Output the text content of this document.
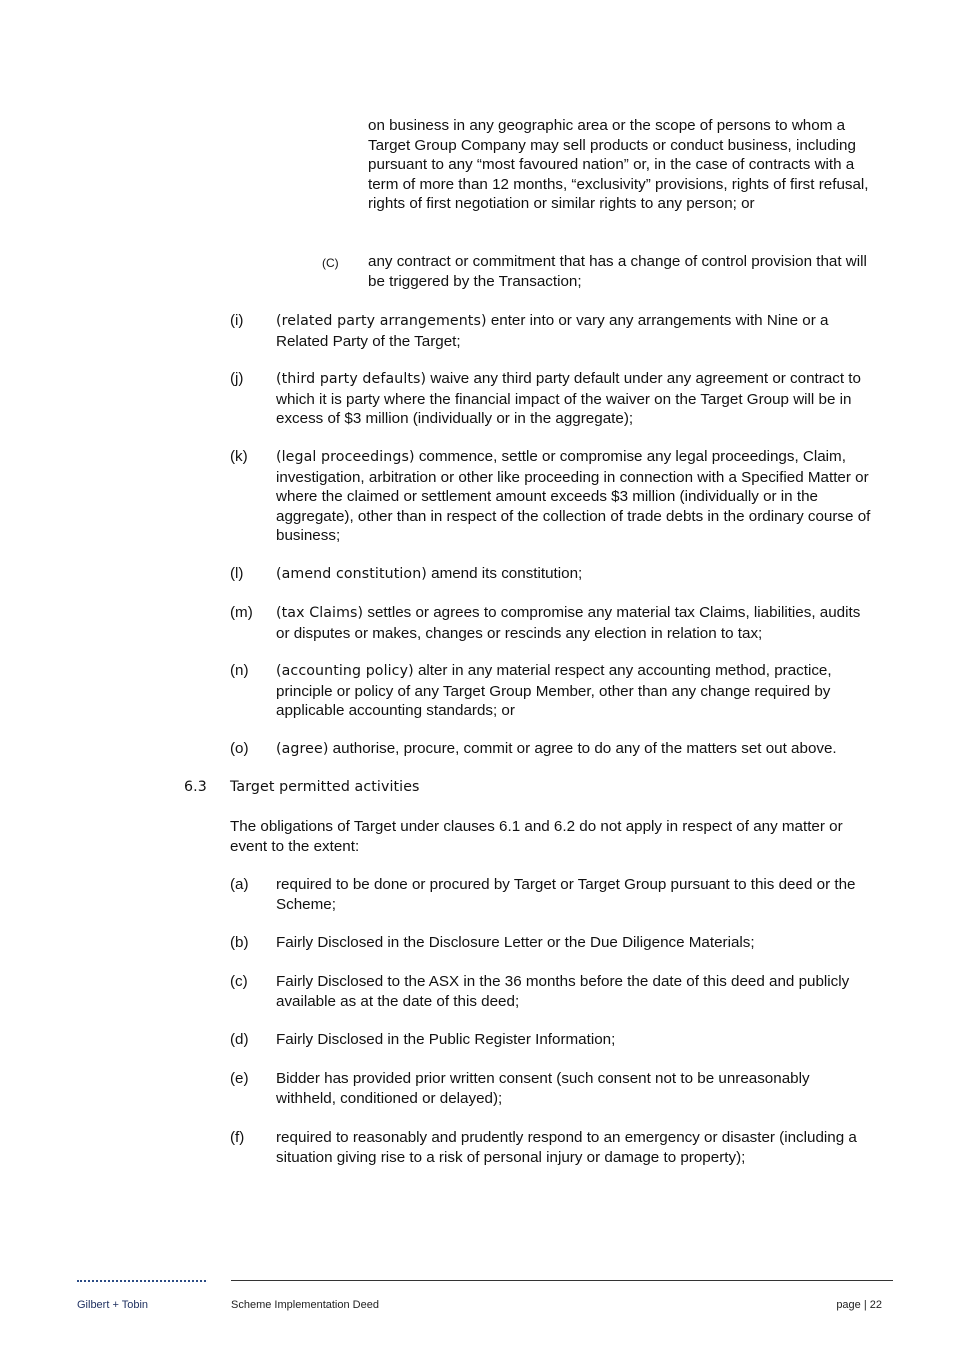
on business in any geographic area or the scope of persons to whom a Target Group Company may sell products or conduct business, including pursuant to any “most favoured nation” or, in the case of contracts with a term of more than 12 months, “exclusivity” provisions, rights of first refusal, rights of first negotiation or similar rights to any person; or
(C) any contract or commitment that has a change of control provision that will be triggered by the Transaction;
(i) (related party arrangements) enter into or vary any arrangements with Nine or a Related Party of the Target;
(j) (third party defaults) waive any third party default under any agreement or contract to which it is party where the financial impact of the waiver on the Target Group will be in excess of $3 million (individually or in the aggregate);
(k) (legal proceedings) commence, settle or compromise any legal proceedings, Claim, investigation, arbitration or other like proceeding in connection with a Specified Matter or where the claimed or settlement amount exceeds $3 million (individually or in the aggregate), other than in respect of the collection of trade debts in the ordinary course of business;
(l) (amend constitution) amend its constitution;
(m) (tax Claims) settles or agrees to compromise any material tax Claims, liabilities, audits or disputes or makes, changes or rescinds any election in relation to tax;
(n) (accounting policy) alter in any material respect any accounting method, practice, principle or policy of any Target Group Member, other than any change required by applicable accounting standards; or
(o) (agree) authorise, procure, commit or agree to do any of the matters set out above.
6.3 Target permitted activities
The obligations of Target under clauses 6.1 and 6.2 do not apply in respect of any matter or event to the extent:
(a) required to be done or procured by Target or Target Group pursuant to this deed or the Scheme;
(b) Fairly Disclosed in the Disclosure Letter or the Due Diligence Materials;
(c) Fairly Disclosed to the ASX in the 36 months before the date of this deed and publicly available as at the date of this deed;
(d) Fairly Disclosed in the Public Register Information;
(e) Bidder has provided prior written consent (such consent not to be unreasonably withheld, conditioned or delayed);
(f) required to reasonably and prudently respond to an emergency or disaster (including a situation giving rise to a risk of personal injury or damage to property);
Gilbert + Tobin	Scheme Implementation Deed	page | 22
